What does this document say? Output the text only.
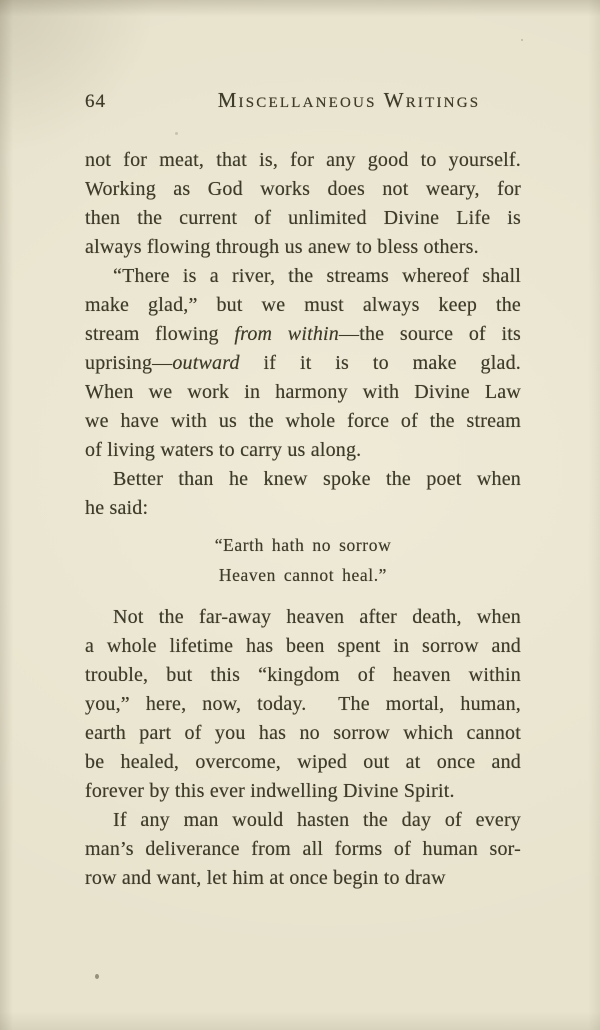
64	Miscellaneous Writings
not for meat, that is, for any good to yourself.
Working as God works does not weary, for
then the current of unlimited Divine Life is
always flowing through us anew to bless others.
“There is a river, the streams whereof shall
make glad,” but we must always keep the
stream flowing from within—the source of its
uprising—outward if it is to make glad.
When we work in harmony with Divine Law
we have with us the whole force of the stream
of living waters to carry us along.
Better than he knew spoke the poet when
he said:
“Earth hath no sorrow
Heaven cannot heal.”
Not the far-away heaven after death, when
a whole lifetime has been spent in sorrow and
trouble, but this “kingdom of heaven within
you,” here, now, today.  The mortal, human,
earth part of you has no sorrow which cannot
be healed, overcome, wiped out at once and
forever by this ever indwelling Divine Spirit.
If any man would hasten the day of every
man’s deliverance from all forms of human sor-
row and want, let him at once begin to draw
